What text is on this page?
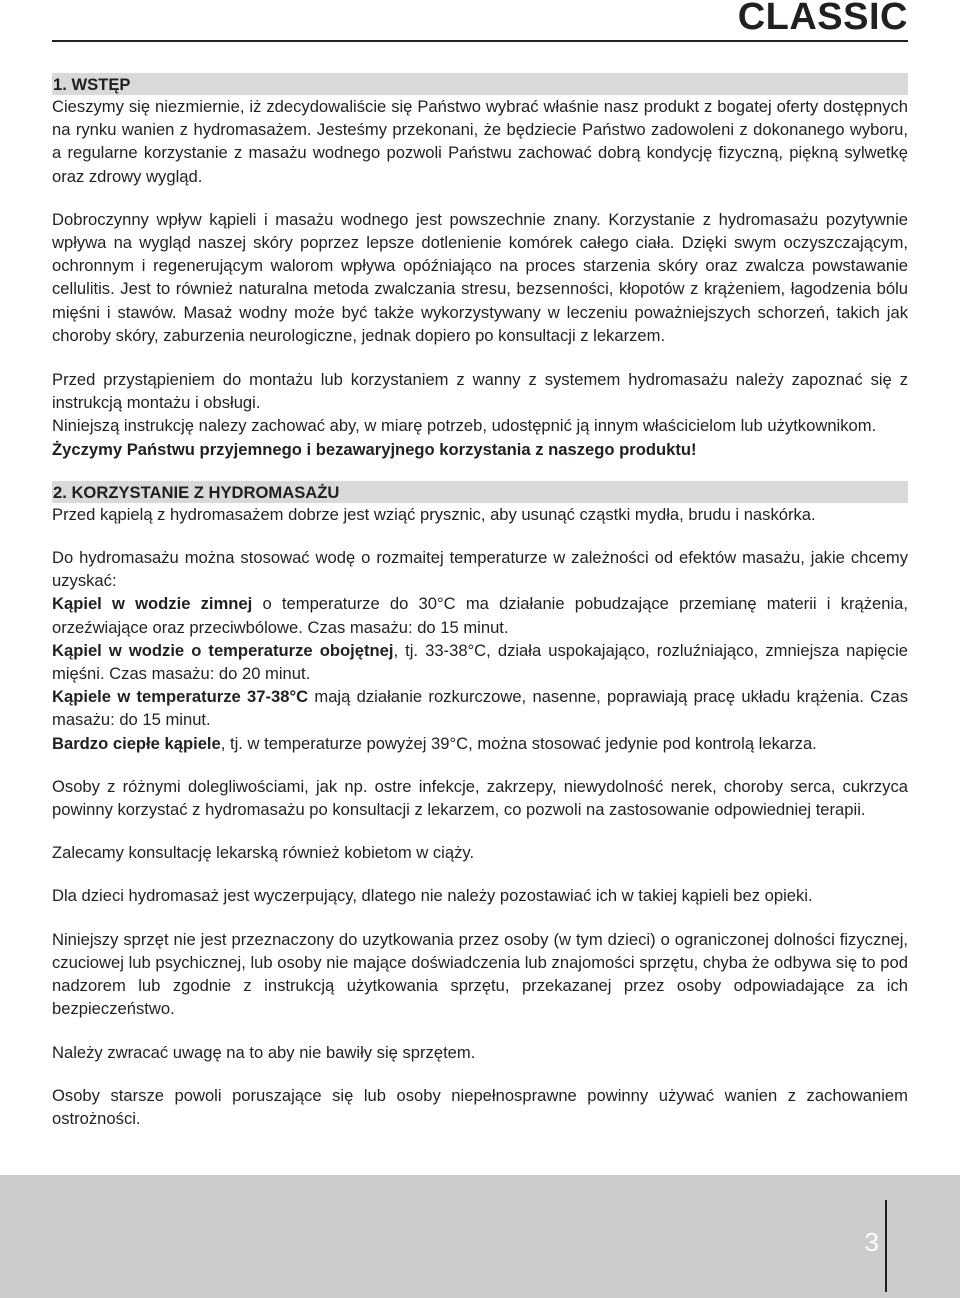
CLASSIC
1. WSTĘP

Cieszymy się niezmiernie, iż zdecydowaliście się Państwo wybrać właśnie nasz produkt z bogatej oferty dostępnych na rynku wanien z hydromasażem. Jesteśmy przekonani, że będziecie Państwo zadowoleni z dokonanego wyboru, a regularne korzystanie z masażu wodnego pozwoli Państwu zachować dobrą kondycję fizyczną, piękną sylwetkę oraz zdrowy wygląd.

Dobroczynny wpływ kąpieli i masażu wodnego jest powszechnie znany. Korzystanie z hydromasażu pozytywnie wpływa na wygląd naszej skóry poprzez lepsze dotlenienie komórek całego ciała. Dzięki swym oczyszczającym, ochronnym i regenerującym walorom wpływa opóźniająco na proces starzenia skóry oraz zwalcza powstawanie cellulitis. Jest to również naturalna metoda zwalczania stresu, bezsenności, kłopotów z krążeniem, łagodzenia bólu mięśni i stawów. Masaż wodny może być także wykorzystywany w leczeniu poważniejszych schorzeń, takich jak choroby skóry, zaburzenia neurologiczne, jednak dopiero po konsultacji z lekarzem.

Przed przystąpieniem do montażu lub korzystaniem z wanny z systemem hydromasażu należy zapoznać się z instrukcją montażu i obsługi.

Niniejszą instrukcję nalezy zachować aby, w miarę potrzeb, udostępnić ją innym właścicielom lub użytkownikom.

Życzymy Państwu przyjemnego i bezawaryjnego korzystania z naszego produktu!

2. KORZYSTANIE Z HYDROMASAŻU

Przed kąpielą z hydromasażem dobrze jest wziąć prysznic, aby usunąć cząstki mydła, brudu i naskórka.

Do hydromasażu można stosować wodę o rozmaitej temperaturze w zależności od efektów masażu, jakie chcemy uzyskać:

Kąpiel w wodzie zimnej o temperaturze do 30°C ma działanie pobudzające przemianę materii i krążenia, orzeźwiające oraz przeciwbólowe. Czas masażu: do 15 minut.

Kąpiel w wodzie o temperaturze obojętnej, tj. 33-38°C, działa uspokajająco, rozluźniająco, zmniejsza napięcie mięśni. Czas masażu: do 20 minut.

Kąpiele w temperaturze 37-38°C mają działanie rozkurczowe, nasenne, poprawiają pracę układu krążenia. Czas masażu: do 15 minut.

Bardzo ciepłe kąpiele, tj. w temperaturze powyżej 39°C, można stosować jedynie pod kontrolą lekarza.

Osoby z różnymi dolegliwościami, jak np. ostre infekcje, zakrzepy, niewydolność nerek, choroby serca, cukrzyca powinny korzystać z hydromasażu po konsultacji z lekarzem, co pozwoli na zastosowanie odpowiedniej terapii.

Zalecamy konsultację lekarską również kobietom w ciąży.

Dla dzieci hydromasaż jest wyczerpujący, dlatego nie należy pozostawiać ich w takiej kąpieli bez opieki.

Niniejszy sprzęt nie jest przeznaczony do uzytkowania przez osoby (w tym dzieci) o ograniczonej dolności fizycznej, czuciowej lub psychicznej, lub osoby nie mające doświadczenia lub znajomości sprzętu, chyba że odbywa się to pod nadzorem lub zgodnie z instrukcją użytkowania sprzętu, przekazanej przez osoby odpowiadające za ich bezpieczeństwo.

Należy zwracać uwagę na to aby nie bawiły się sprzętem.

Osoby starsze powoli poruszające się lub osoby niepełnosprawne powinny używać wanien z zachowaniem ostrożności.

3
